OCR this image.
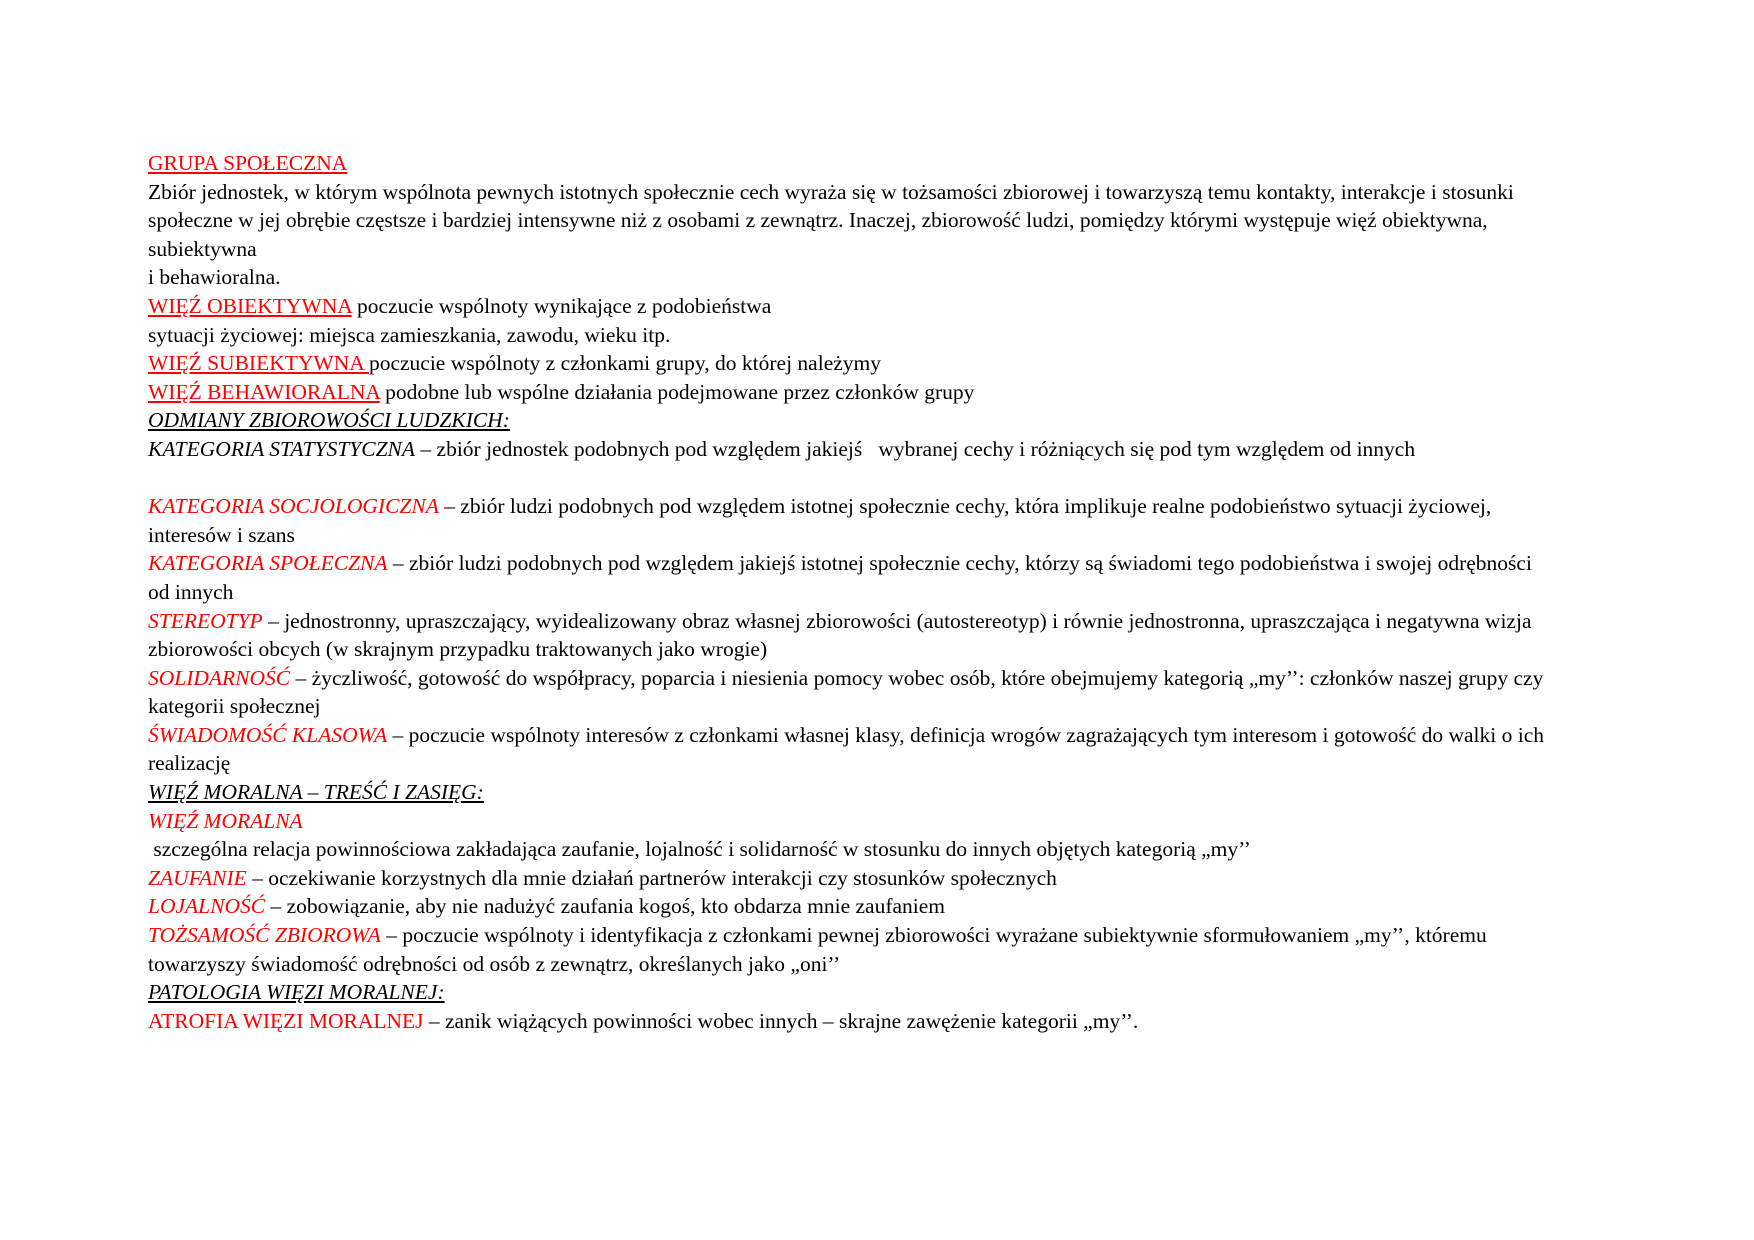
GRUPA SPOŁECZNA

Zbiór jednostek, w którym wspólnota pewnych istotnych społecznie cech wyraża się w tożsamości zbiorowej i towarzyszą temu kontakty, interakcje i stosunki społeczne w jej obrębie częstsze i bardziej intensywne niż z osobami z zewnątrz. Inaczej, zbiorowość ludzi, pomiędzy którymi występuje więź obiektywna, subiektywna

i behawioralna.

WIĘŹ OBIEKTYWNA poczucie wspólnoty wynikające z podobieństwa

sytuacji życiowej: miejsca zamieszkania, zawodu, wieku itp.

WIĘŹ SUBIEKTYWNA poczucie wspólnoty z członkami grupy, do której należymy

WIĘŹ BEHAWIORALNA podobne lub wspólne działania podejmowane przez członków grupy

ODMIANY ZBIOROWOŚCI LUDZKICH:

KATEGORIA STATYSTYCZNA – zbiór jednostek podobnych pod względem jakiejś   wybranej cechy i różniących się pod tym względem od innych

KATEGORIA SOCJOLOGICZNA – zbiór ludzi podobnych pod względem istotnej społecznie cechy, która implikuje realne podobieństwo sytuacji życiowej, interesów i szans

KATEGORIA SPOŁECZNA – zbiór ludzi podobnych pod względem jakiejś istotnej społecznie cechy, którzy są świadomi tego podobieństwa i swojej odrębności od innych

STEREOTYP – jednostronny, upraszczający, wyidealizowany obraz własnej zbiorowości (autostereotyp) i równie jednostronna, upraszczająca i negatywna wizja zbiorowości obcych (w skrajnym przypadku traktowanych jako wrogie)

SOLIDARNOŚĆ – życzliwość, gotowość do współpracy, poparcia i niesienia pomocy wobec osób, które obejmujemy kategorią „my’’: członków naszej grupy czy kategorii społecznej

ŚWIADOMOŚĆ KLASOWA – poczucie wspólnoty interesów z członkami własnej klasy, definicja wrogów zagrażających tym interesom i gotowość do walki o ich realizację

WIĘŹ MORALNA – TREŚĆ I ZASIĘG:

WIĘŹ MORALNA

szczególna relacja powinnościowa zakładająca zaufanie, lojalność i solidarność w stosunku do innych objętych kategorią „my’’

ZAUFANIE – oczekiwanie korzystnych dla mnie działań partnerów interakcji czy stosunków społecznych

LOJALNOŚĆ – zobowiązanie, aby nie nadużyć zaufania kogoś, kto obdarza mnie zaufaniem

TOŻSAMOŚĆ ZBIOROWA – poczucie wspólnoty i identyfikacja z członkami pewnej zbiorowości wyrażane subiektywnie sformułowaniem „my’’, któremu towarzyszy świadomość odrębności od osób z zewnątrz, określanych jako „oni’’

PATOLOGIA WIĘZI MORALNEJ:

ATROFIA WIĘZI MORALNEJ – zanik wiążących powinności wobec innych – skrajne zawężenie kategorii „my’’.
